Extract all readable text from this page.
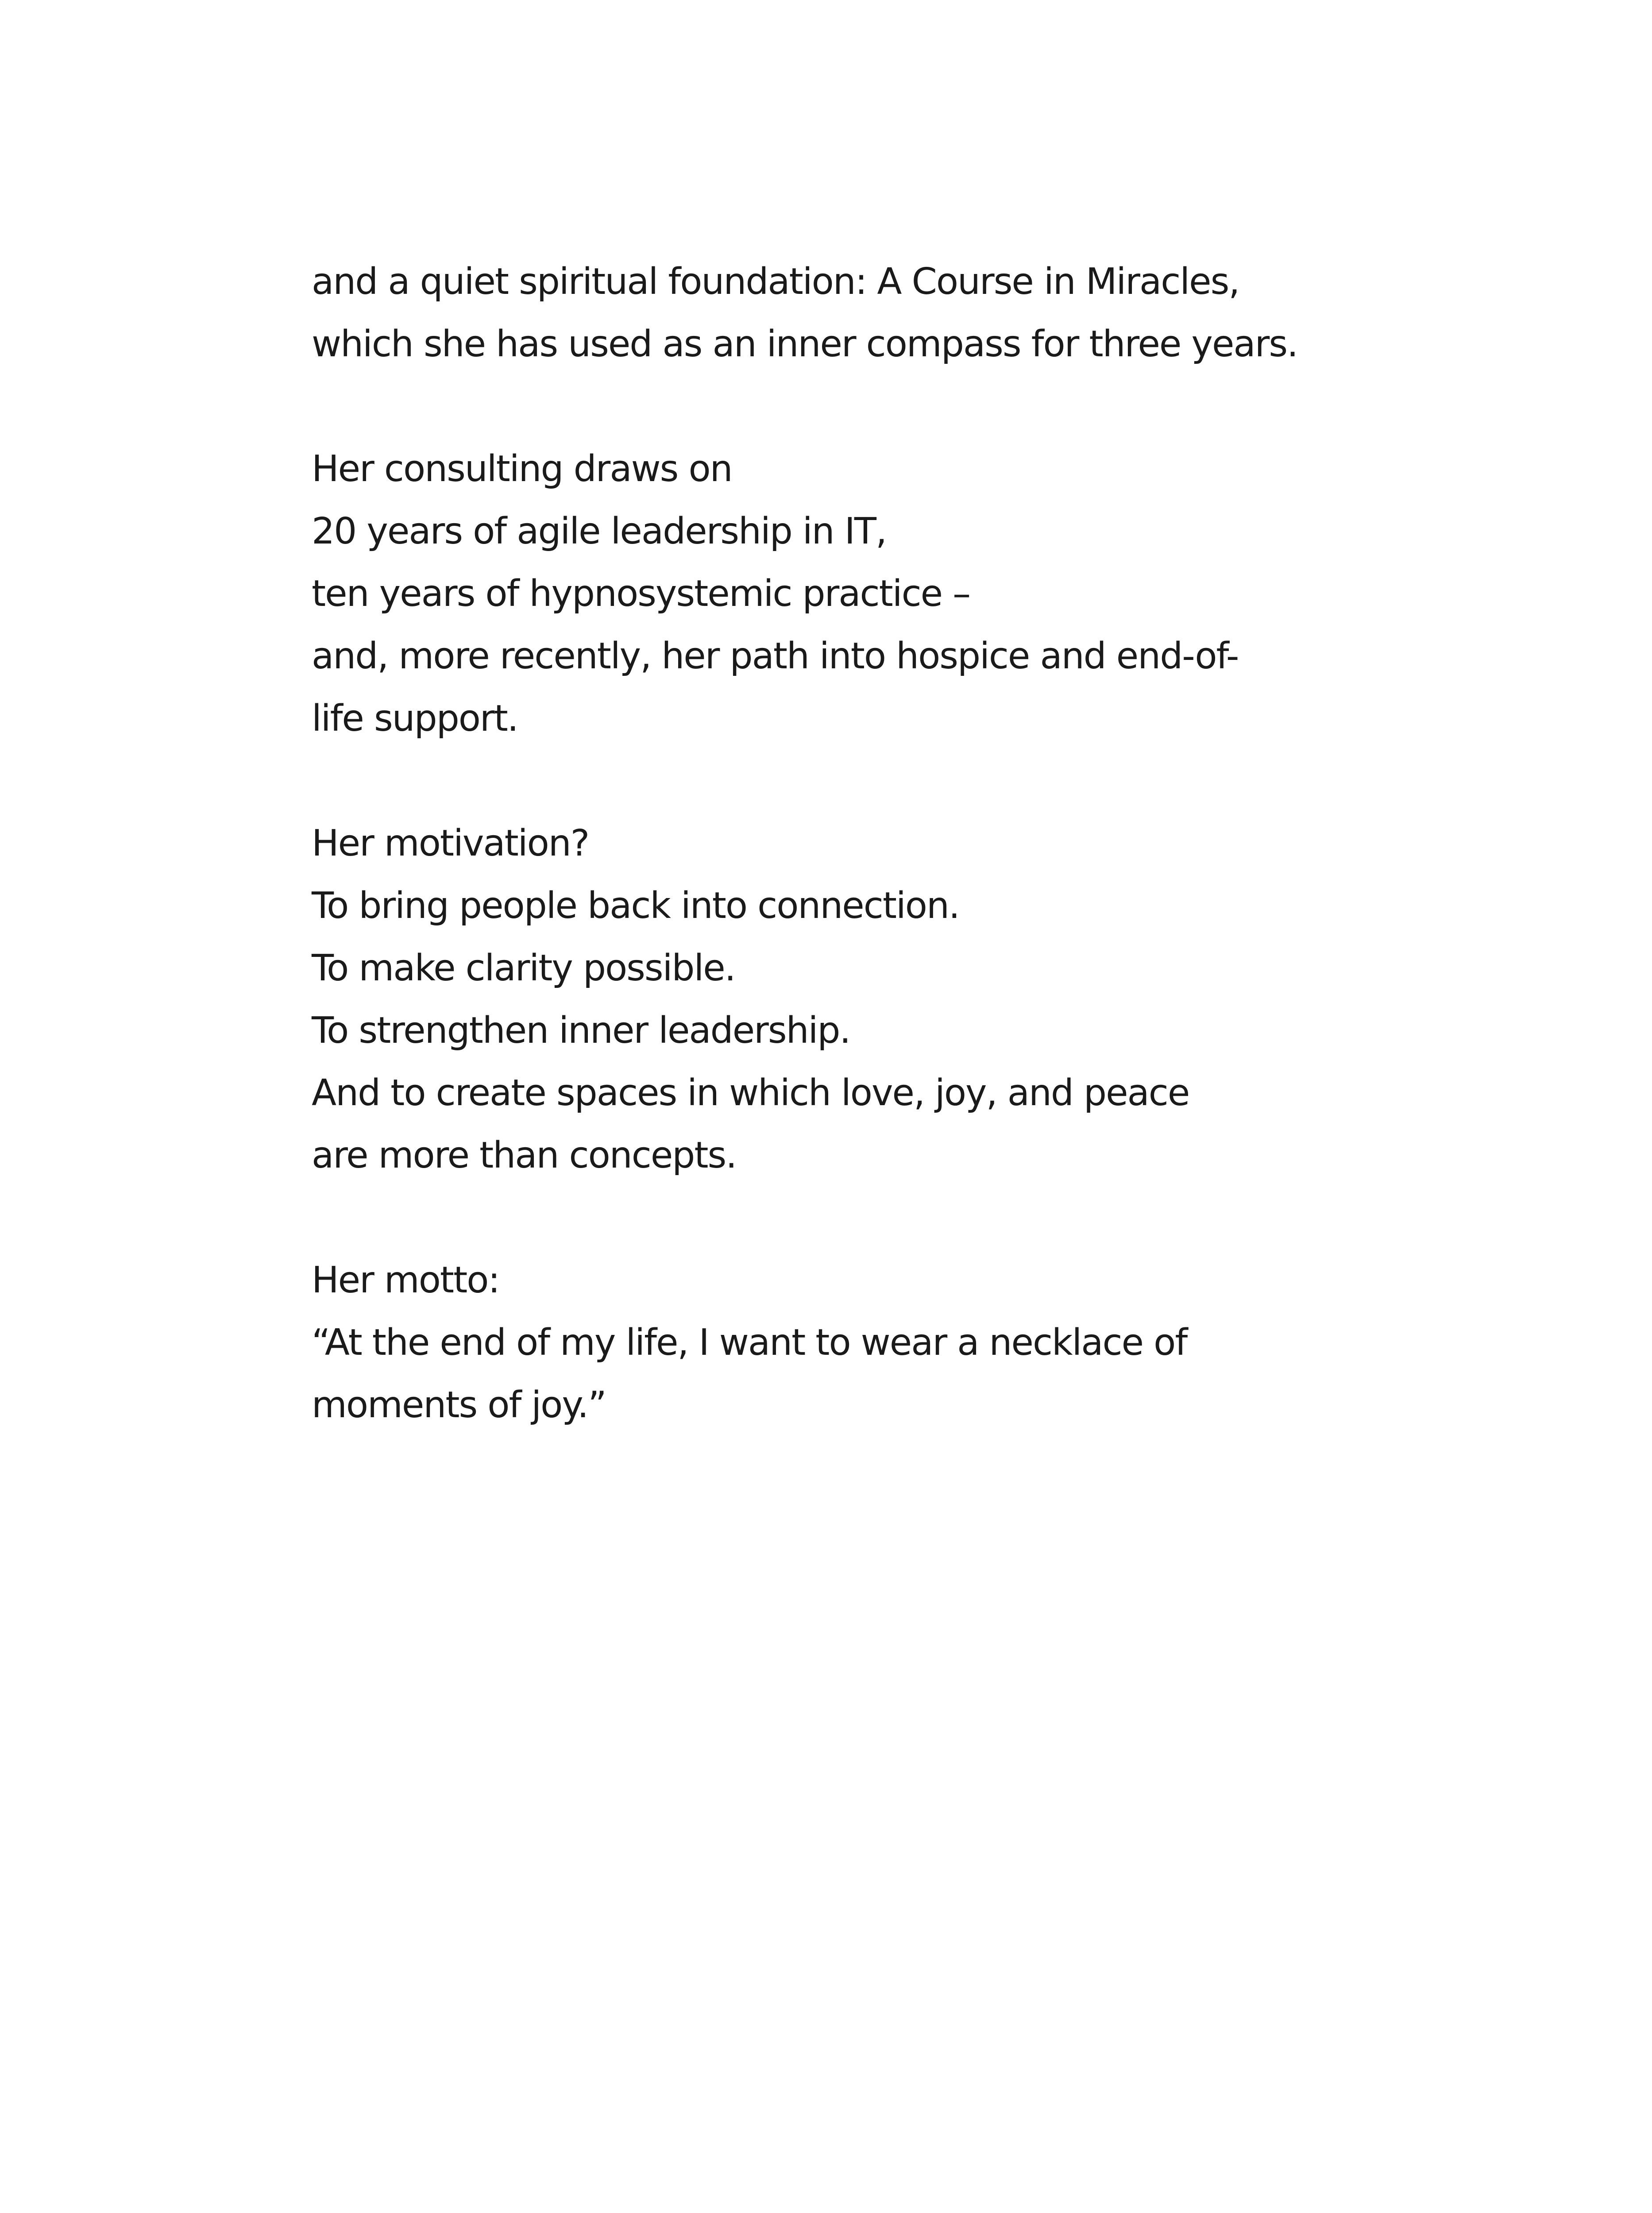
and a quiet spiritual foundation: A Course in Miracles,
which she has used as an inner compass for three years.

Her consulting draws on
20 years of agile leadership in IT,
ten years of hypnosystemic practice –
and, more recently, her path into hospice and end-of-
life support.

Her motivation?
To bring people back into connection.
To make clarity possible.
To strengthen inner leadership.
And to create spaces in which love, joy, and peace
are more than concepts.

Her motto:
“At the end of my life, I want to wear a necklace of
moments of joy.”
